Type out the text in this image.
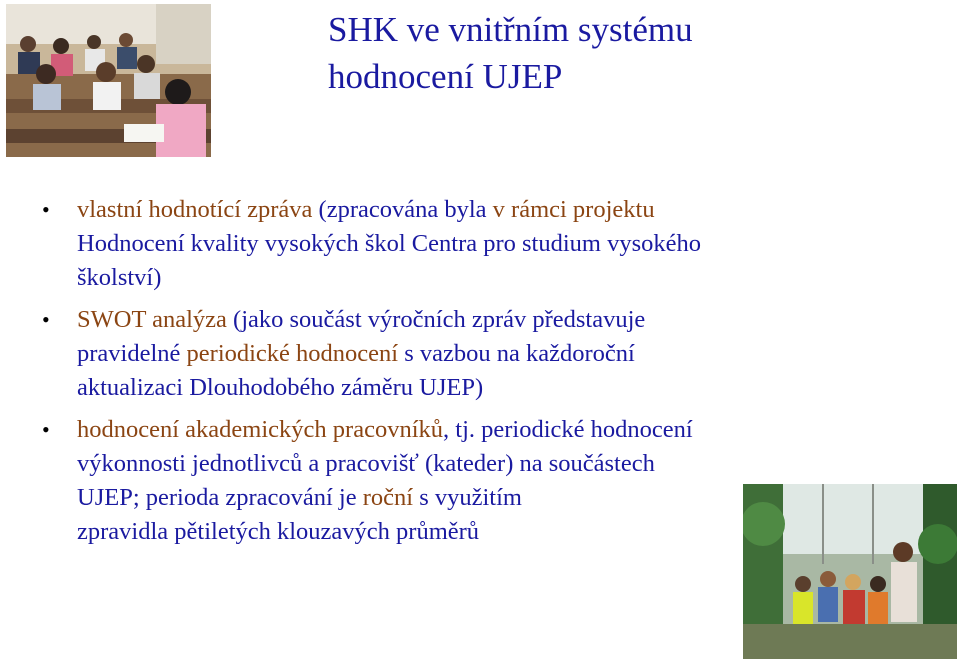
SHK ve vnitřním systému
hodnocení UJEP
• vlastní hodnotící zpráva (zpracována byla v rámci projektu
Hodnocení kvality vysokých škol Centra pro studium vysokého
školství)
• SWOT analýza (jako součást výročních zpráv představuje
pravidelné periodické hodnocení s vazbou na každoroční
aktualizaci Dlouhodobého záměru UJEP)
• hodnocení akademických pracovníků, tj. periodické hodnocení
výkonnosti jednotlivců a pracovišť (kateder) na součástech
UJEP; perioda zpracování je roční s využitím
zpravidla pětiletých klouzavých průměrů
